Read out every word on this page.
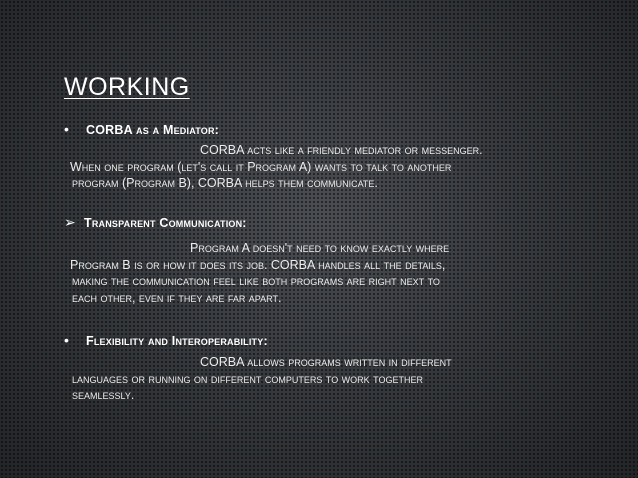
WORKING
•	CORBA as a Mediator:
CORBA acts like a friendly mediator or messenger.
When one program (let's call it Program A) wants to talk to another
program (Program B), CORBA helps them communicate.
➢ Transparent Communication:
Program A doesn't need to know exactly where
Program B is or how it does its job. CORBA handles all the details,
making the communication feel like both programs are right next to
each other, even if they are far apart.
•	Flexibility and Interoperability:
CORBA allows programs written in different
languages or running on different computers to work together
seamlessly.
